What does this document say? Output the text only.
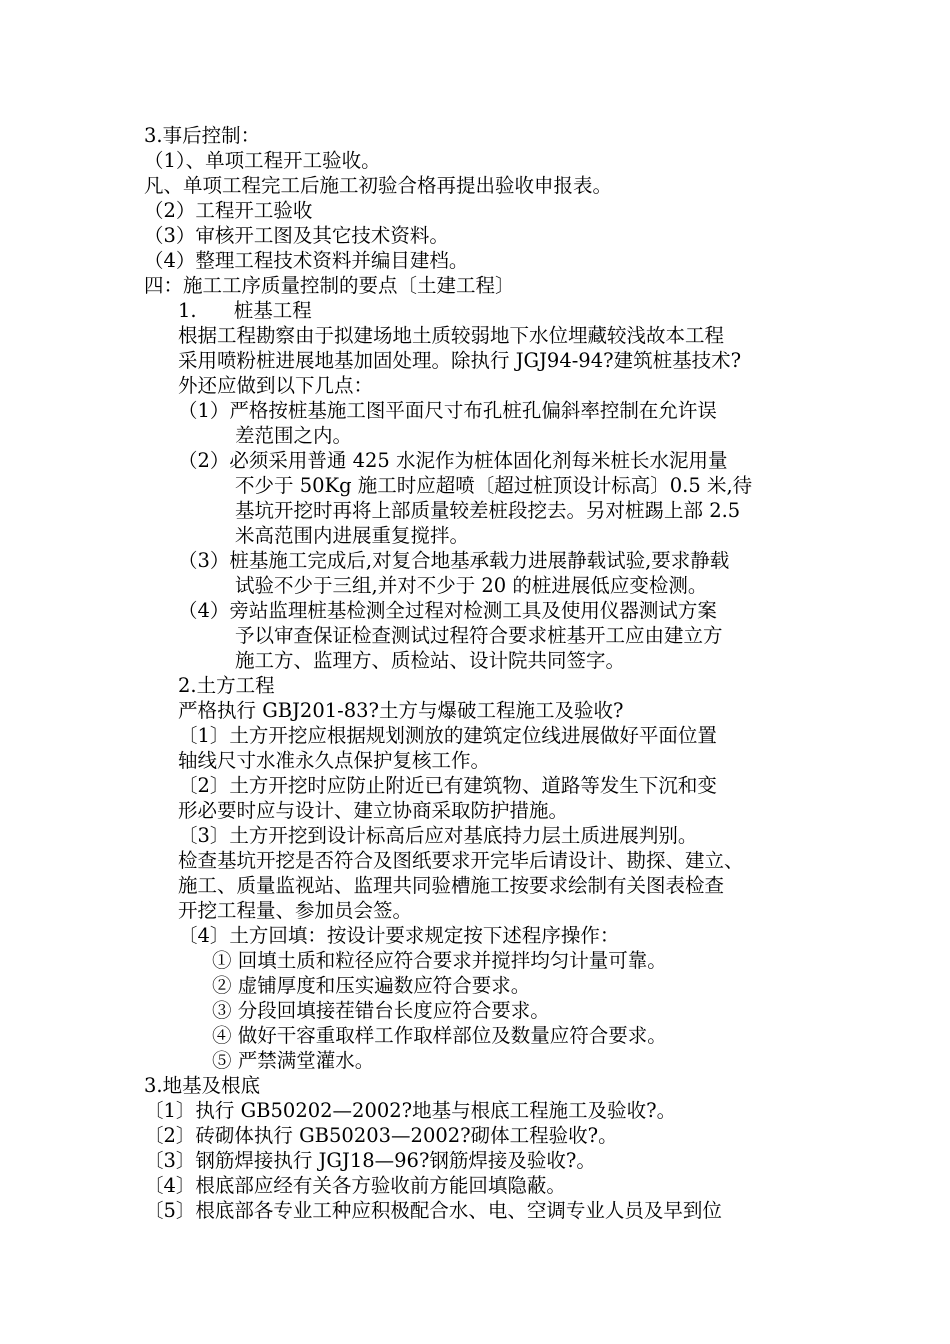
3.事后控制：
（1）、单项工程开工验收。
凡、单项工程完工后施工初验合格再提出验收申报表。
（2）工程开工验收
（3）审核开工图及其它技术资料。
（4）整理工程技术资料并编目建档。
四：施工工序质量控制的要点〔土建工程〕
1.      桩基工程
根据工程勘察由于拟建场地土质较弱地下水位埋藏较浅故本工程
采用喷粉桩进展地基加固处理。除执行 JGJ94-94?建筑桩基技术?
外还应做到以下几点：
（1）严格按桩基施工图平面尺寸布孔桩孔偏斜率控制在允许误
差范围之内。
（2）必须采用普通 425 水泥作为桩体固化剂每米桩长水泥用量
不少于 50Kg 施工时应超喷〔超过桩顶设计标高〕0.5 米,待
基坑开挖时再将上部质量较差桩段挖去。另对桩踢上部 2.5
米高范围内进展重复搅拌。
（3）桩基施工完成后,对复合地基承载力进展静载试验,要求静载
试验不少于三组,并对不少于 20 的桩进展低应变检测。
（4）旁站监理桩基检测全过程对检测工具及使用仪器测试方案
予以审查保证检查测试过程符合要求桩基开工应由建立方
施工方、监理方、质检站、设计院共同签字。
2.土方工程
严格执行 GBJ201-83?土方与爆破工程施工及验收?
〔1〕土方开挖应根据规划测放的建筑定位线进展做好平面位置
轴线尺寸水准永久点保护复核工作。
〔2〕土方开挖时应防止附近已有建筑物、道路等发生下沉和变
形必要时应与设计、建立协商采取防护措施。
〔3〕土方开挖到设计标高后应对基底持力层土质进展判别。
检查基坑开挖是否符合及图纸要求开完毕后请设计、勘探、建立、
施工、质量监视站、监理共同验槽施工按要求绘制有关图表检查
开挖工程量、参加员会签。
〔4〕土方回填：按设计要求规定按下述程序操作：
① 回填土质和粒径应符合要求并搅拌均匀计量可靠。
② 虚铺厚度和压实遍数应符合要求。
③ 分段回填接茬错台长度应符合要求。
④ 做好干容重取样工作取样部位及数量应符合要求。
⑤ 严禁满堂灌水。
3.地基及根底
〔1〕执行 GB50202—2002?地基与根底工程施工及验收?。
〔2〕砖砌体执行 GB50203—2002?砌体工程验收?。
〔3〕钢筋焊接执行 JGJ18—96?钢筋焊接及验收?。
〔4〕根底部应经有关各方验收前方能回填隐蔽。
〔5〕根底部各专业工种应积极配合水、电、空调专业人员及早到位
